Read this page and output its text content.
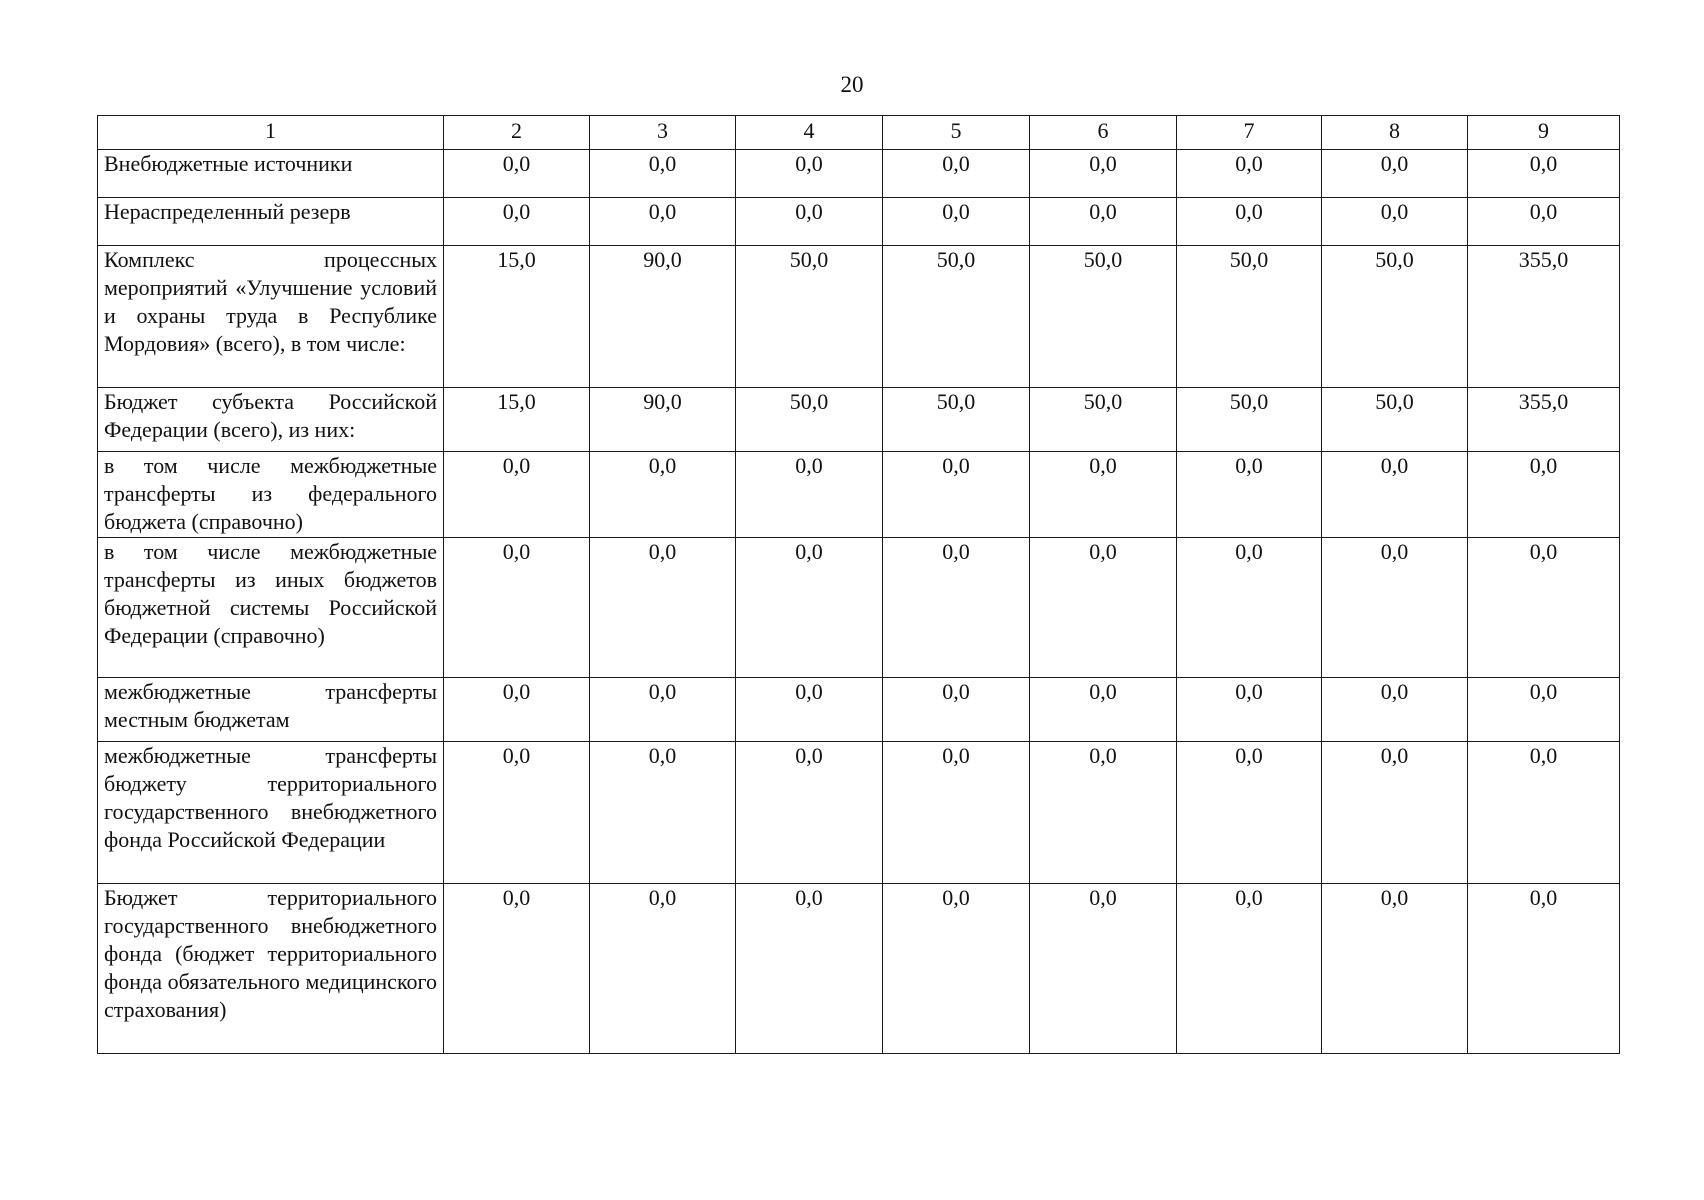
20
1	2	3	4	5	6	7	8	9
Внебюджетные источники	0,0	0,0	0,0	0,0	0,0	0,0	0,0	0,0
Нераспределенный резерв	0,0	0,0	0,0	0,0	0,0	0,0	0,0	0,0
Комплекс процессных мероприятий «Улучшение условий и охраны труда в Республике Мордовия» (всего), в том числе:	15,0	90,0	50,0	50,0	50,0	50,0	50,0	355,0
Бюджет субъекта Российской Федерации (всего), из них:	15,0	90,0	50,0	50,0	50,0	50,0	50,0	355,0
в том числе межбюджетные трансферты из федерального бюджета (справочно)	0,0	0,0	0,0	0,0	0,0	0,0	0,0	0,0
в том числе межбюджетные трансферты из иных бюджетов бюджетной системы Российской Федерации (справочно)	0,0	0,0	0,0	0,0	0,0	0,0	0,0	0,0
межбюджетные трансферты местным бюджетам	0,0	0,0	0,0	0,0	0,0	0,0	0,0	0,0
межбюджетные трансферты бюджету территориального государственного внебюджетного фонда Российской Федерации	0,0	0,0	0,0	0,0	0,0	0,0	0,0	0,0
Бюджет территориального государственного внебюджетного фонда (бюджет территориального фонда обязательного медицинского страхования)	0,0	0,0	0,0	0,0	0,0	0,0	0,0	0,0
